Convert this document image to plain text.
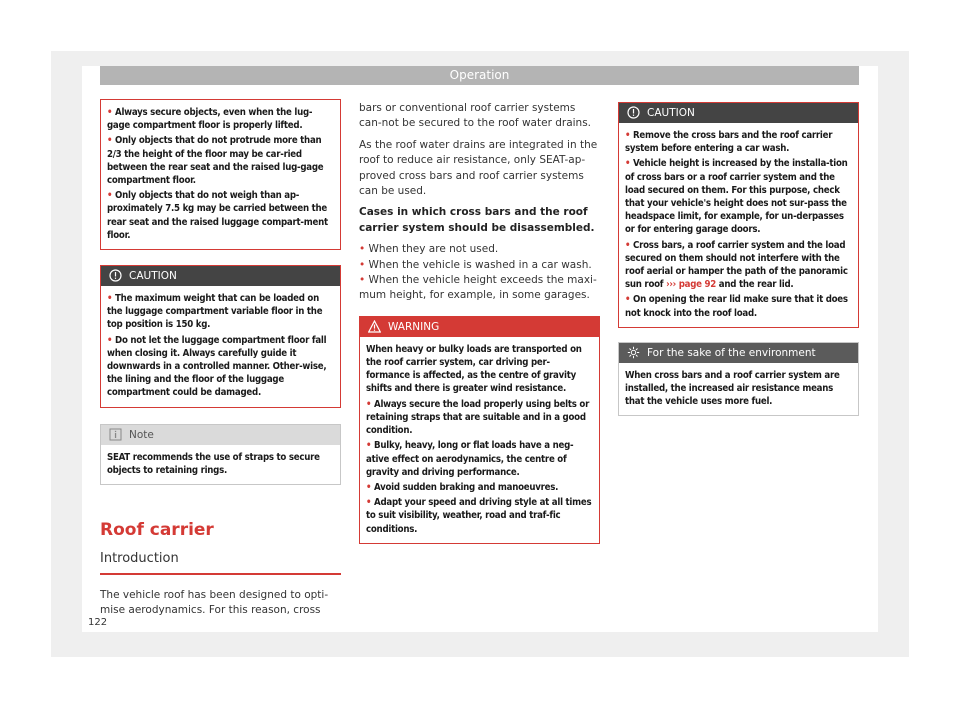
Operation

• Always secure objects, even when the lug-gage compartment floor is properly lifted.

• Only objects that do not protrude more than 2/3 the height of the floor may be car-ried between the rear seat and the raised lug-gage compartment floor.

• Only objects that do not weigh than ap-proximately 7.5 kg may be carried between the rear seat and the raised luggage compart-ment floor.

CAUTION

• The maximum weight that can be loaded on the luggage compartment variable floor in the top position is 150 kg.

• Do not let the luggage compartment floor fall when closing it. Always carefully guide it downwards in a controlled manner. Other-wise, the lining and the floor of the luggage compartment could be damaged.

Note

SEAT recommends the use of straps to secure objects to retaining rings.

Roof carrier

Introduction

The vehicle roof has been designed to opti-mise aerodynamics. For this reason, cross

bars or conventional roof carrier systems can-not be secured to the roof water drains.

As the roof water drains are integrated in the roof to reduce air resistance, only SEAT-ap-proved cross bars and roof carrier systems can be used.

Cases in which cross bars and the roof carrier system should be disassembled.

• When they are not used.

• When the vehicle is washed in a car wash.

• When the vehicle height exceeds the maxi-mum height, for example, in some garages.

WARNING

When heavy or bulky loads are transported on the roof carrier system, car driving per-formance is affected, as the centre of gravity shifts and there is greater wind resistance.

• Always secure the load properly using belts or retaining straps that are suitable and in a good condition.

• Bulky, heavy, long or flat loads have a neg-ative effect on aerodynamics, the centre of gravity and driving performance.

• Avoid sudden braking and manoeuvres.

• Adapt your speed and driving style at all times to suit visibility, weather, road and traf-fic conditions.

CAUTION

• Remove the cross bars and the roof carrier system before entering a car wash.

• Vehicle height is increased by the installa-tion of cross bars or a roof carrier system and the load secured on them. For this purpose, check that your vehicle's height does not sur-pass the headspace limit, for example, for un-derpasses or for entering garage doors.

• Cross bars, a roof carrier system and the load secured on them should not interfere with the roof aerial or hamper the path of the panoramic sun roof ››› page 92 and the rear lid.

• On opening the rear lid make sure that it does not knock into the roof load.

For the sake of the environment

When cross bars and a roof carrier system are installed, the increased air resistance means that the vehicle uses more fuel.

122
